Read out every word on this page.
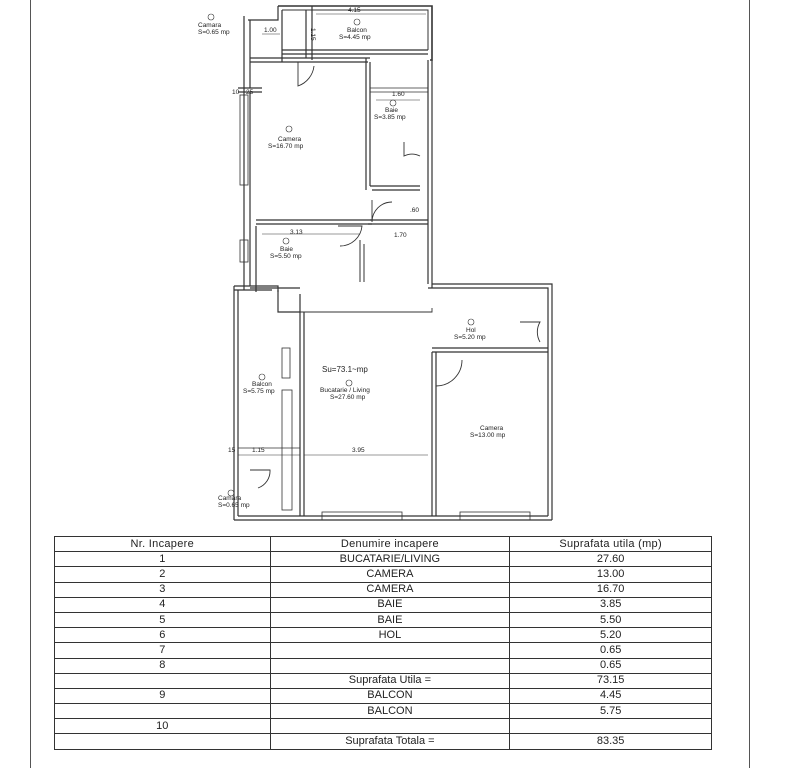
Camara
S=0.65 mp	Balcon
S=4.45 mp
Baie
S=3.85 mp
Camera
S=16.70 mp
Baie
S=5.50 mp
Hol
S=5.20 mp
Su=73.1~mp
Bucatarie / Living
S=27.60 mp
Balcon
S=5.75 mp
Camera
S=13.00 mp
Camara
S=0.65 mp
4.15
1.00	1.15
1.60
10 25
.60
3.13	1.70
15	1.15	3.95
Nr. Incapere	Denumire incapere	Suprafata utila (mp)
1	BUCATARIE/LIVING	27.60
2	CAMERA	13.00
3	CAMERA	16.70
4	BAIE	3.85
5	BAIE	5.50
6	HOL	5.20
7		0.65
8		0.65
	Suprafata Utila =	73.15
9	BALCON	4.45
	BALCON	5.75
10		
	Suprafata Totala =	83.35
